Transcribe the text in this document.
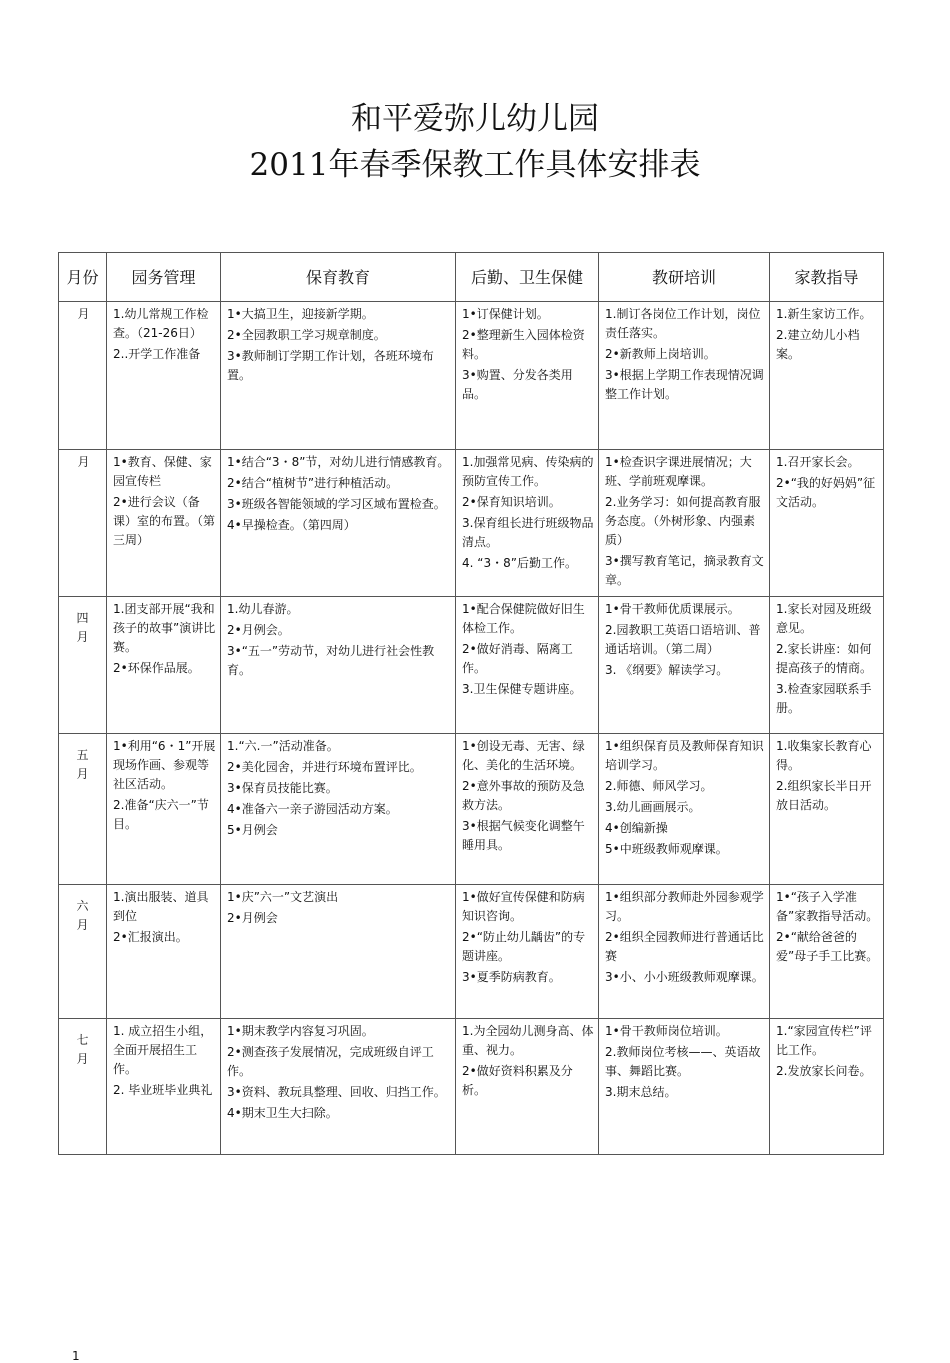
和平爱弥儿幼儿园
2011年春季保教工作具体安排表
月份	园务管理	保育教育	后勤、卫生保健	教研培训	家教指导

月	1.幼儿常规工作检查。（21-26日）
2..开学工作准备	1•大搞卫生，迎接新学期。
2•全园教职工学习规章制度。
3•教师制订学期工作计划，各班环境布置。	1•订保健计划。
2•整理新生入园体检资料。
3•购置、分发各类用品。	1.制订各岗位工作计划，岗位责任落实。
2•新教师上岗培训。
3•根据上学期工作表现情况调整工作计划。	1.新生家访工作。
2.建立幼儿小档案。

月	1•教育、保健、家园宣传栏
2•进行会议（备课）室的布置。（第三周）	1•结合“3・8”节，对幼儿进行情感教育。
2•结合“植树节”进行种植活动。
3•班级各智能领域的学习区域布置检查。
4•早操检查。（第四周）	1.加强常见病、传染病的预防宣传工作。
2•保育知识培训。
3.保育组长进行班级物品清点。
4. “3・8”后勤工作。	1•检查识字课进展情况；大班、学前班观摩课。
2.业务学习：如何提高教育服务态度。（外树形象、内强素质）
3•撰写教育笔记，摘录教育文章。	1.召开家长会。
2•“我的好妈妈”征文活动。

四
月	1.团支部开展“我和孩子的故事”演讲比赛。
2•环保作品展。	1.幼儿春游。
2•月例会。
3•“五一”劳动节，对幼儿进行社会性教育。	1•配合保健院做好旧生体检工作。
2•做好消毒、隔离工作。
3.卫生保健专题讲座。	1•骨干教师优质课展示。
2.园教职工英语口语培训、普通话培训。（第二周）
3. 《纲要》解读学习。	1.家长对园及班级意见。
2.家长讲座：如何提高孩子的情商。
3.检查家园联系手册。

五
月	1•利用“6・1”开展现场作画、参观等社区活动。
2.准备“庆六一”节目。	1.“六.一”活动准备。
2•美化园舍，并进行环境布置评比。
3•保育员技能比赛。
4•准备六一亲子游园活动方案。
5•月例会	1•创设无毒、无害、绿化、美化的生活环境。
2•意外事故的预防及急救方法。
3•根据气候变化调整午睡用具。	1•组织保育员及教师保育知识培训学习。
2.师德、师风学习。
3.幼儿画画展示。
4•创编新操
5•中班级教师观摩课。	1.收集家长教育心得。
2.组织家长半日开放日活动。

六
月	1.演出服装、道具到位
2•汇报演出。	1•庆”六一”文艺演出
2•月例会	1•做好宣传保健和防病知识咨询。
2•“防止幼儿龋齿”的专题讲座。
3•夏季防病教育。	1•组织部分教师赴外园参观学习。
2•组织全园教师进行普通话比赛
3•小、小小班级教师观摩课。	1•“孩子入学准备”家教指导活动。
2•“献给爸爸的爱”母子手工比赛。

七
月	1. 成立招生小组，全面开展招生工作。
2. 毕业班毕业典礼	1•期末教学内容复习巩固。
2•测查孩子发展情况，完成班级自评工作。
3•资料、教玩具整理、回收、归挡工作。
4•期末卫生大扫除。	1.为全园幼儿测身高、体重、视力。
2•做好资料积累及分析。	1•骨干教师岗位培训。
2.教师岗位考核——、英语故事、舞蹈比赛。
3.期末总结。	1.“家园宣传栏”评比工作。
2.发放家长问卷。
1
